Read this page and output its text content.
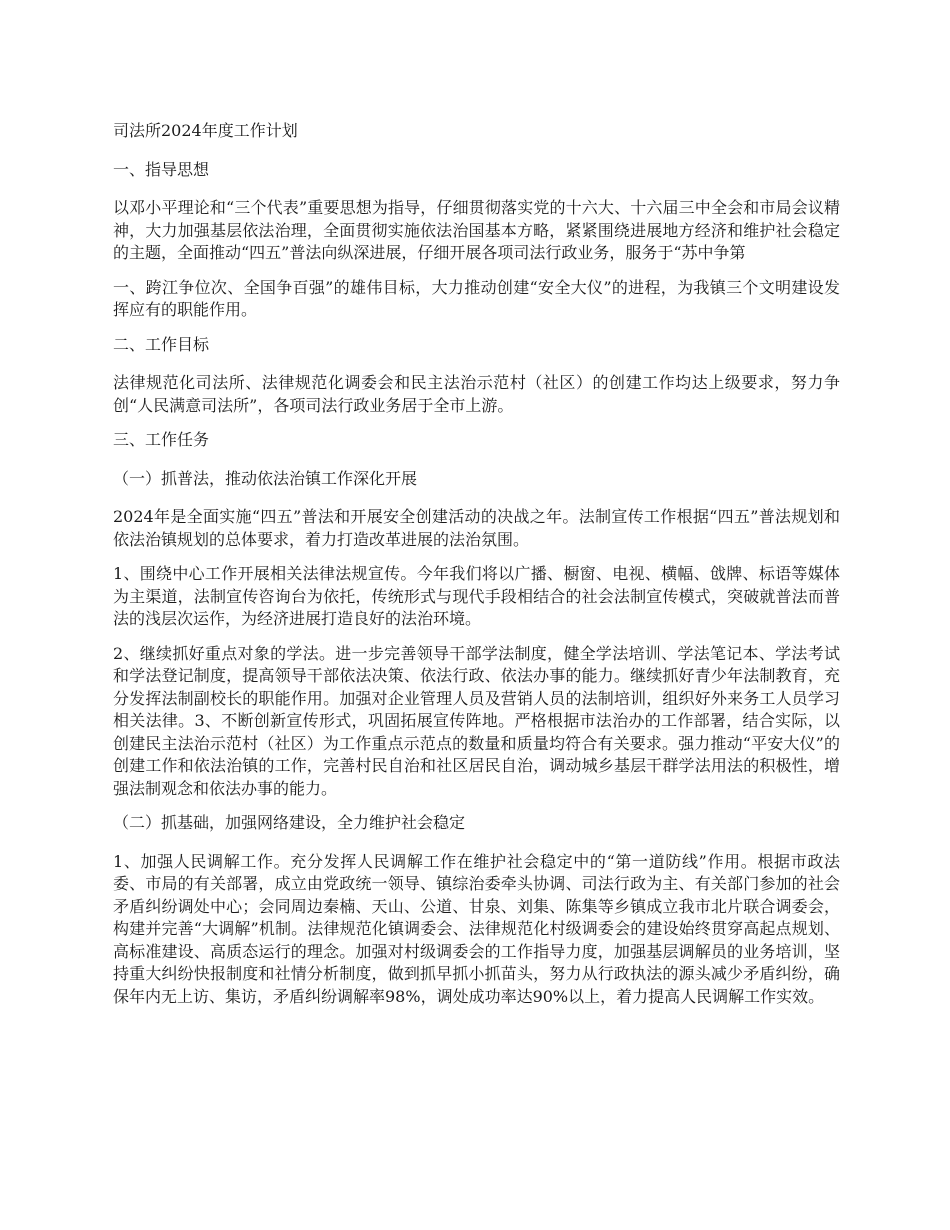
司法所2024年度工作计划

一、指导思想

以邓小平理论和“三个代表”重要思想为指导，仔细贯彻落实党的十六大、十六届三中全会和市局会议精神，大力加强基层依法治理，全面贯彻实施依法治国基本方略，紧紧围绕进展地方经济和维护社会稳定的主题，全面推动“四五”普法向纵深进展，仔细开展各项司法行政业务，服务于“苏中争第

一、跨江争位次、全国争百强”的雄伟目标，大力推动创建“安全大仪”的进程，为我镇三个文明建设发挥应有的职能作用。

二、工作目标

法律规范化司法所、法律规范化调委会和民主法治示范村（社区）的创建工作均达上级要求，努力争创“人民满意司法所”，各项司法行政业务居于全市上游。

三、工作任务

（一）抓普法，推动依法治镇工作深化开展

2024年是全面实施“四五”普法和开展安全创建活动的决战之年。法制宣传工作根据“四五”普法规划和依法治镇规划的总体要求，着力打造改革进展的法治氛围。

1、围绕中心工作开展相关法律法规宣传。今年我们将以广播、橱窗、电视、横幅、戗牌、标语等媒体为主渠道，法制宣传咨询台为依托，传统形式与现代手段相结合的社会法制宣传模式，突破就普法而普法的浅层次运作，为经济进展打造良好的法治环境。

2、继续抓好重点对象的学法。进一步完善领导干部学法制度，健全学法培训、学法笔记本、学法考试和学法登记制度，提高领导干部依法决策、依法行政、依法办事的能力。继续抓好青少年法制教育，充分发挥法制副校长的职能作用。加强对企业管理人员及营销人员的法制培训，组织好外来务工人员学习相关法律。3、不断创新宣传形式，巩固拓展宣传阵地。严格根据市法治办的工作部署，结合实际，以创建民主法治示范村（社区）为工作重点示范点的数量和质量均符合有关要求。强力推动“平安大仪”的创建工作和依法治镇的工作，完善村民自治和社区居民自治，调动城乡基层干群学法用法的积极性，增强法制观念和依法办事的能力。

（二）抓基础，加强网络建设，全力维护社会稳定

1、加强人民调解工作。充分发挥人民调解工作在维护社会稳定中的“第一道防线”作用。根据市政法委、市局的有关部署，成立由党政统一领导、镇综治委牵头协调、司法行政为主、有关部门参加的社会矛盾纠纷调处中心；会同周边秦楠、天山、公道、甘泉、刘集、陈集等乡镇成立我市北片联合调委会，构建并完善“大调解”机制。法律规范化镇调委会、法律规范化村级调委会的建设始终贯穿高起点规划、高标准建设、高质态运行的理念。加强对村级调委会的工作指导力度，加强基层调解员的业务培训，坚持重大纠纷快报制度和社情分析制度，做到抓早抓小抓苗头，努力从行政执法的源头减少矛盾纠纷，确保年内无上访、集访，矛盾纠纷调解率98%，调处成功率达90%以上，着力提高人民调解工作实效。
